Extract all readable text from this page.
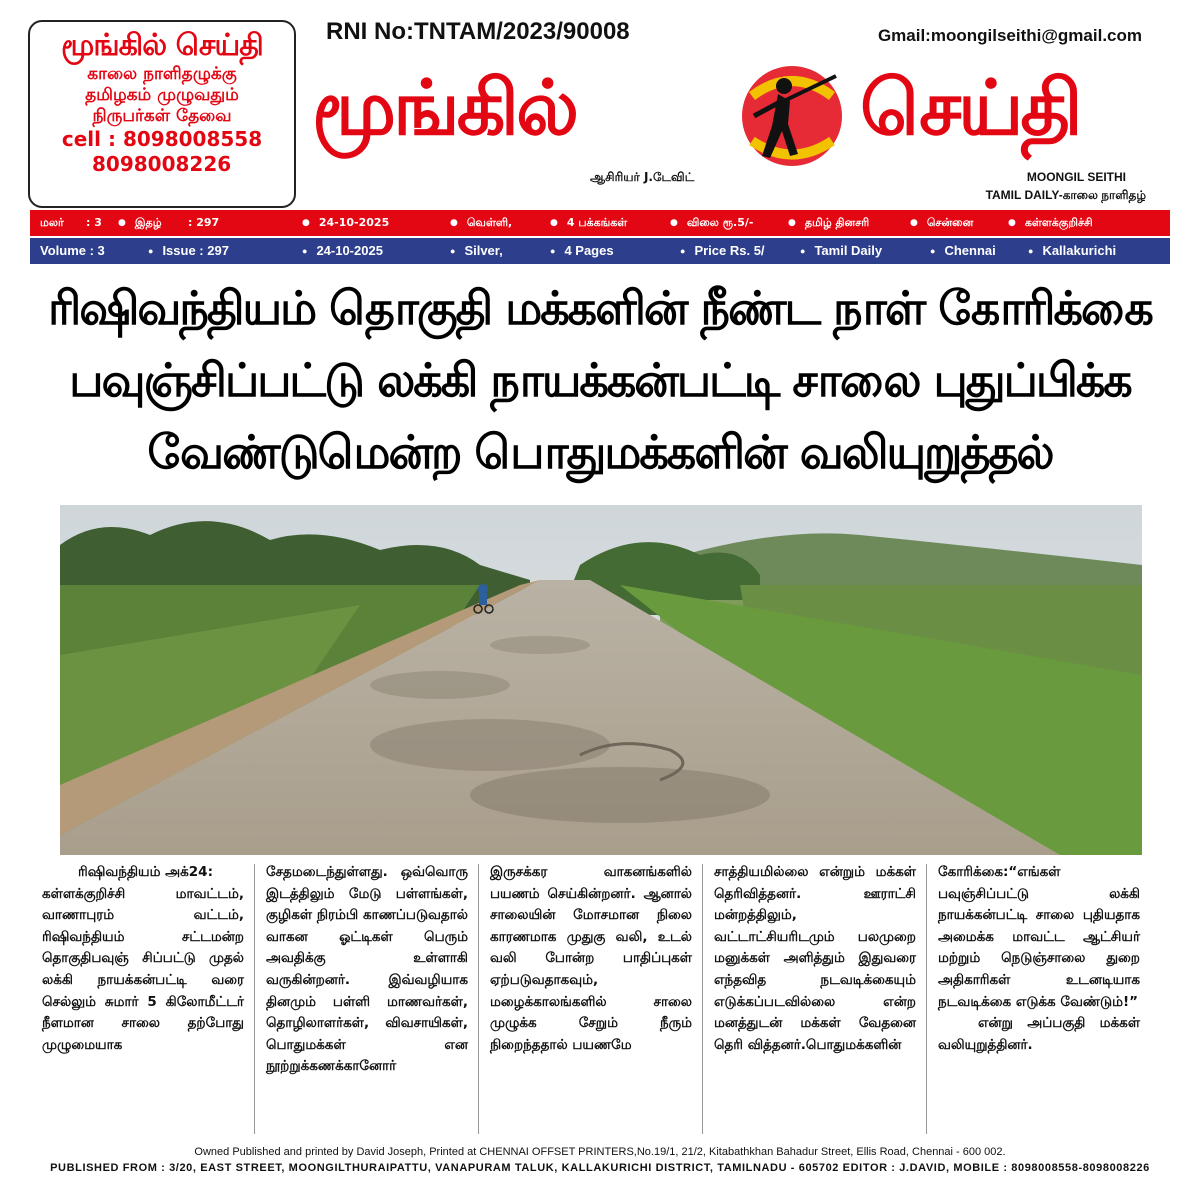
மூங்கில் செய்தி
காலை நாளிதழுக்கு
தமிழகம் முழுவதும்
நிருபர்கள் தேவை
cell : 8098008558
8098008226
RNI No:TNTAM/2023/90008	Gmail:moongilseithi@gmail.com
மூங்கில்	செய்தி
ஆசிரியர் J.டேவிட்	MOONGIL SEITHI
TAMIL DAILY-காலை நாளிதழ்
மலர் : 3	● இதழ் : 297	● 24-10-2025	● வெள்ளி,	● 4 பக்கங்கள்	● விலை ரூ.5/-	● தமிழ் தினசரி	● சென்னை	● கள்ளக்குறிச்சி
Volume : 3	● Issue : 297	● 24-10-2025	● Silver,	● 4 Pages	● Price Rs. 5/	● Tamil Daily	● Chennai	● Kallakurichi
ரிஷிவந்தியம் தொகுதி மக்களின் நீண்ட நாள் கோரிக்கை
பவுஞ்சிப்பட்டு லக்கி நாயக்கன்பட்டி சாலை புதுப்பிக்க
வேண்டுமென்ற பொதுமக்களின் வலியுறுத்தல்

ரிஷிவந்தியம் அக்24:

கள்ளக்குறிச்சி மாவட்டம், வாணாபுரம் வட்டம், ரிஷிவந்தியம் சட்டமன்ற தொகுதிபவுஞ் சிப்பட்டு முதல் லக்கி நாயக்கன்பட்டி வரை செல்லும் சுமார் 5 கிலோமீட்டர் நீளமான சாலை தற்போது முழுமையாக

சேதமடைந்துள்ளது. ஒவ்வொரு இடத்திலும் மேடு பள்ளங்கள், குழிகள் நிரம்பி காணப்படுவதால் வாகன ஓட்டிகள் பெரும் அவதிக்கு உள்ளாகி வருகின்றனர். இவ்வழியாக தினமும் பள்ளி மாணவர்கள், தொழிலாளர்கள், விவசாயிகள், பொதுமக்கள் என நூற்றுக்கணக்கானோர்

இருசக்கர வாகனங்களில் பயணம் செய்கின்றனர். ஆனால் சாலையின் மோசமான நிலை காரணமாக முதுகு வலி, உடல் வலி போன்ற பாதிப்புகள் ஏற்படுவதாகவும், மழைக்காலங்களில் சாலை முழுக்க சேறும் நீரும் நிறைந்ததால் பயணமே

சாத்தியமில்லை என்றும் மக்கள் தெரிவித்தனர். ஊராட்சி மன்றத்திலும், வட்டாட்சியரிடமும் பலமுறை மனுக்கள் அளித்தும் இதுவரை எந்தவித நடவடிக்கையும் எடுக்கப்படவில்லை என்ற மனத்துடன் மக்கள் வேதனை தெரி வித்தனர்.பொதுமக்களின்

கோரிக்கை:“எங்கள் பவுஞ்சிப்பட்டு லக்கி நாயக்கன்பட்டி சாலை புதியதாக அமைக்க மாவட்ட ஆட்சியர் மற்றும் நெடுஞ்சாலை துறை அதிகாரிகள் உடனடியாக நடவடிக்கை எடுக்க வேண்டும்!”

என்று அப்பகுதி மக்கள் வலியுறுத்தினர்.

Owned Published and printed by David Joseph, Printed at CHENNAI OFFSET PRINTERS,No.19/1, 21/2, Kitabathkhan Bahadur Street, Ellis Road, Chennai - 600 002.
PUBLISHED FROM : 3/20, EAST STREET, MOONGILTHURAIPATTU, VANAPURAM TALUK, KALLAKURICHI DISTRICT, TAMILNADU - 605702 EDITOR : J.DAVID, MOBILE : 8098008558-8098008226
